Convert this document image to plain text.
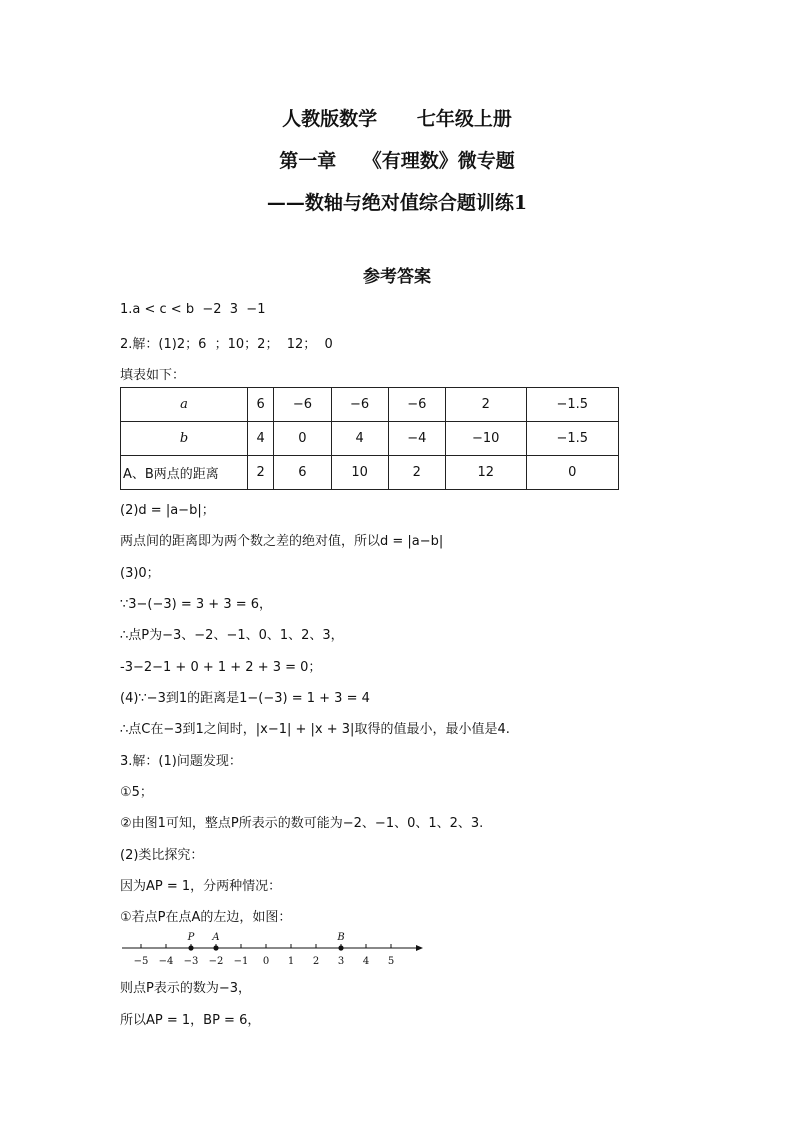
人教版数学      七年级上册
第一章    《有理数》微专题
——数轴与绝对值综合题训练1
参考答案
1.a < c < b  −2  3  −1
2.解：(1)2；6  ；10；2；  12；  0
填表如下：
a	6	−6	−6	−6	2	−1.5
b	4	0	4	−4	−10	−1.5
A、B两点的距离	2	6	10	2	12	0
(2)d = |a−b|；
两点间的距离即为两个数之差的绝对值，所以d = |a−b|
(3)0；
∵3−(−3) = 3 + 3 = 6，
∴点P为−3、−2、−1、0、1、2、3，
-3−2−1 + 0 + 1 + 2 + 3 = 0；
(4)∵−3到1的距离是1−(−3) = 1 + 3 = 4
∴点C在−3到1之间时，|x−1| + |x + 3|取得的值最小，最小值是4.
3.解：(1)问题发现：
①5；
②由图1可知，整点P所表示的数可能为−2、−1、0、1、2、3.
(2)类比探究：
因为AP = 1，分两种情况：
①若点P在点A的左边，如图：
P A	B
−5 −4 −3 −2 −1 0 1 2 3 4 5
则点P表示的数为−3，
所以AP = 1，BP = 6，
